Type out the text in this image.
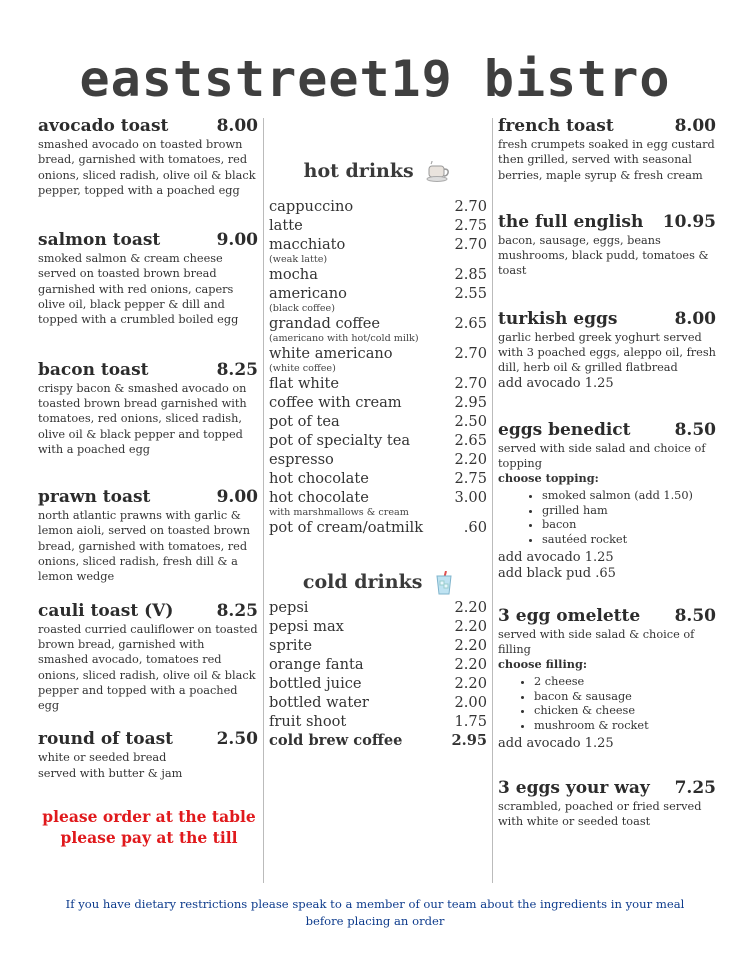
eaststreet19 bistro
avocado toast	8.00
smashed avocado on toasted brown bread, garnished with tomatoes, red onions, sliced radish, olive oil & black pepper, topped with a poached egg
salmon toast	9.00
smoked salmon & cream cheese served on toasted brown bread garnished with red onions, capers olive oil, black pepper & dill and topped with a crumbled boiled egg
bacon toast	8.25
crispy bacon & smashed avocado on toasted brown bread garnished with tomatoes, red onions, sliced radish, olive oil & black pepper and topped with a poached egg
prawn toast	9.00
north atlantic prawns with garlic & lemon aioli, served on toasted brown bread, garnished with tomatoes, red onions, sliced radish, fresh dill & a lemon wedge
cauli toast (V)	8.25
roasted curried cauliflower on toasted brown bread, garnished with smashed avocado, tomatoes red onions, sliced radish, olive oil & black pepper and topped with a poached egg
round of toast	2.50
white or seeded bread served with butter & jam
please order at the table
please pay at the till
hot drinks
cappuccino	2.70
latte	2.75
macchiato	2.70
(weak latte)
mocha	2.85
americano	2.55
(black coffee)
grandad coffee	2.65
(americano with hot/cold milk)
white americano	2.70
(white coffee)
flat white	2.70
coffee with cream	2.95
pot of tea	2.50
pot of specialty tea	2.65
espresso	2.20
hot chocolate	2.75
hot chocolate	3.00
with marshmallows & cream
pot of cream/oatmilk	.60
cold drinks
pepsi	2.20
pepsi max	2.20
sprite	2.20
orange fanta	2.20
bottled juice	2.20
bottled water	2.00
fruit shoot	1.75
cold brew coffee	2.95
french toast	8.00
fresh crumpets soaked in egg custard then grilled, served with seasonal berries, maple syrup & fresh cream
the full english 10.95
bacon, sausage, eggs, beans mushrooms, black pudd, tomatoes & toast
turkish eggs	8.00
garlic herbed greek yoghurt served with 3 poached eggs, aleppo oil, fresh dill, herb oil & grilled flatbread
add avocado 1.25
eggs benedict	8.50
served with side salad and choice of topping
choose topping:
• smoked salmon (add 1.50)
• grilled ham
• bacon
• sautéed rocket
add avocado 1.25
add black pud .65
3 egg omelette 8.50
served with side salad & choice of filling
choose filling:
• 2 cheese
• bacon & sausage
• chicken & cheese
• mushroom & rocket
add avocado 1.25
3 eggs your way 7.25
scrambled, poached or fried served with white or seeded toast
If you have dietary restrictions please speak to a member of our team about the ingredients in your meal
before placing an order
